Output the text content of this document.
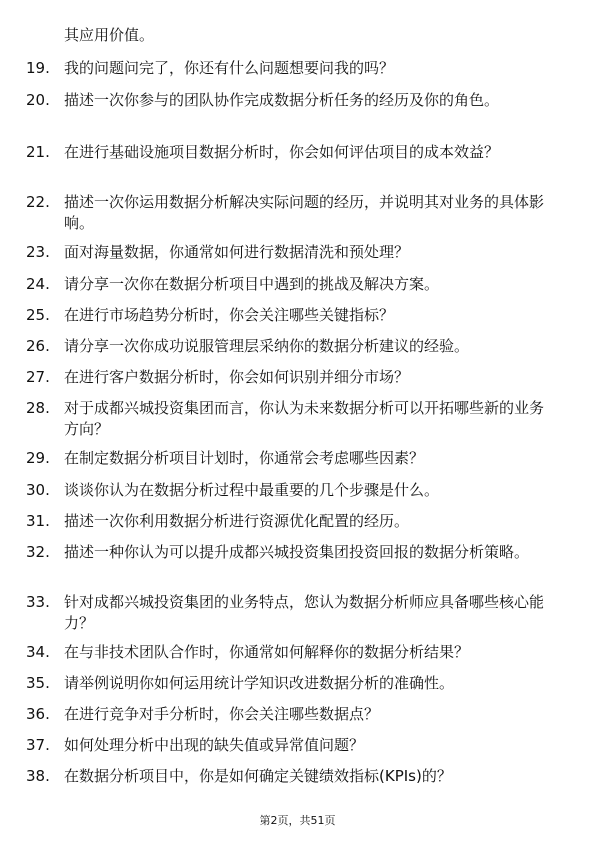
其应用价值。
19. 我的问题问完了，你还有什么问题想要问我的吗？
20. 描述一次你参与的团队协作完成数据分析任务的经历及你的角色。
21. 在进行基础设施项目数据分析时，你会如何评估项目的成本效益？
22. 描述一次你运用数据分析解决实际问题的经历，并说明其对业务的具体影响。
23. 面对海量数据，你通常如何进行数据清洗和预处理？
24. 请分享一次你在数据分析项目中遇到的挑战及解决方案。
25. 在进行市场趋势分析时，你会关注哪些关键指标？
26. 请分享一次你成功说服管理层采纳你的数据分析建议的经验。
27. 在进行客户数据分析时，你会如何识别并细分市场？
28. 对于成都兴城投资集团而言，你认为未来数据分析可以开拓哪些新的业务方向？
29. 在制定数据分析项目计划时，你通常会考虑哪些因素？
30. 谈谈你认为在数据分析过程中最重要的几个步骤是什么。
31. 描述一次你利用数据分析进行资源优化配置的经历。
32. 描述一种你认为可以提升成都兴城投资集团投资回报的数据分析策略。
33. 针对成都兴城投资集团的业务特点，您认为数据分析师应具备哪些核心能力？
34. 在与非技术团队合作时，你通常如何解释你的数据分析结果？
35. 请举例说明你如何运用统计学知识改进数据分析的准确性。
36. 在进行竞争对手分析时，你会关注哪些数据点？
37. 如何处理分析中出现的缺失值或异常值问题？
38. 在数据分析项目中，你是如何确定关键绩效指标(KPIs)的？
第2页，共51页
